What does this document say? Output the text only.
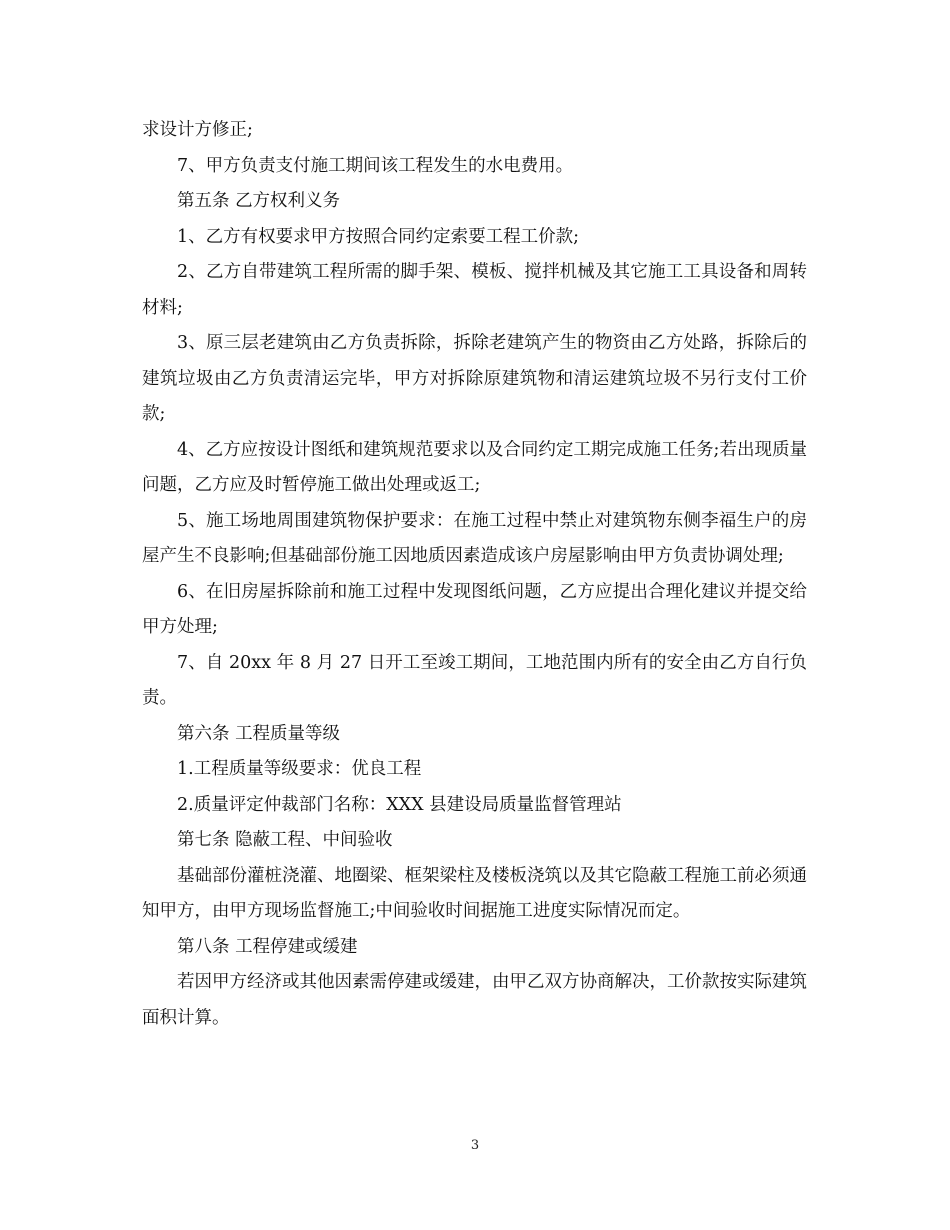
求设计方修正;

7、甲方负责支付施工期间该工程发生的水电费用。

第五条 乙方权利义务

1、乙方有权要求甲方按照合同约定索要工程工价款;

2、乙方自带建筑工程所需的脚手架、模板、搅拌机械及其它施工工具设备和周转材料;

3、原三层老建筑由乙方负责拆除，拆除老建筑产生的物资由乙方处路，拆除后的建筑垃圾由乙方负责清运完毕，甲方对拆除原建筑物和清运建筑垃圾不另行支付工价款;

4、乙方应按设计图纸和建筑规范要求以及合同约定工期完成施工任务;若出现质量问题，乙方应及时暂停施工做出处理或返工;

5、施工场地周围建筑物保护要求：在施工过程中禁止对建筑物东侧李福生户的房屋产生不良影响;但基础部份施工因地质因素造成该户房屋影响由甲方负责协调处理;

6、在旧房屋拆除前和施工过程中发现图纸问题，乙方应提出合理化建议并提交给甲方处理;

7、自 20xx 年 8 月 27 日开工至竣工期间，工地范围内所有的安全由乙方自行负责。

第六条 工程质量等级

1.工程质量等级要求：优良工程

2.质量评定仲裁部门名称：XXX 县建设局质量监督管理站

第七条 隐蔽工程、中间验收

基础部份灌桩浇灌、地圈梁、框架梁柱及楼板浇筑以及其它隐蔽工程施工前必须通知甲方，由甲方现场监督施工;中间验收时间据施工进度实际情况而定。

第八条 工程停建或缓建

若因甲方经济或其他因素需停建或缓建，由甲乙双方协商解决，工价款按实际建筑面积计算。

3
